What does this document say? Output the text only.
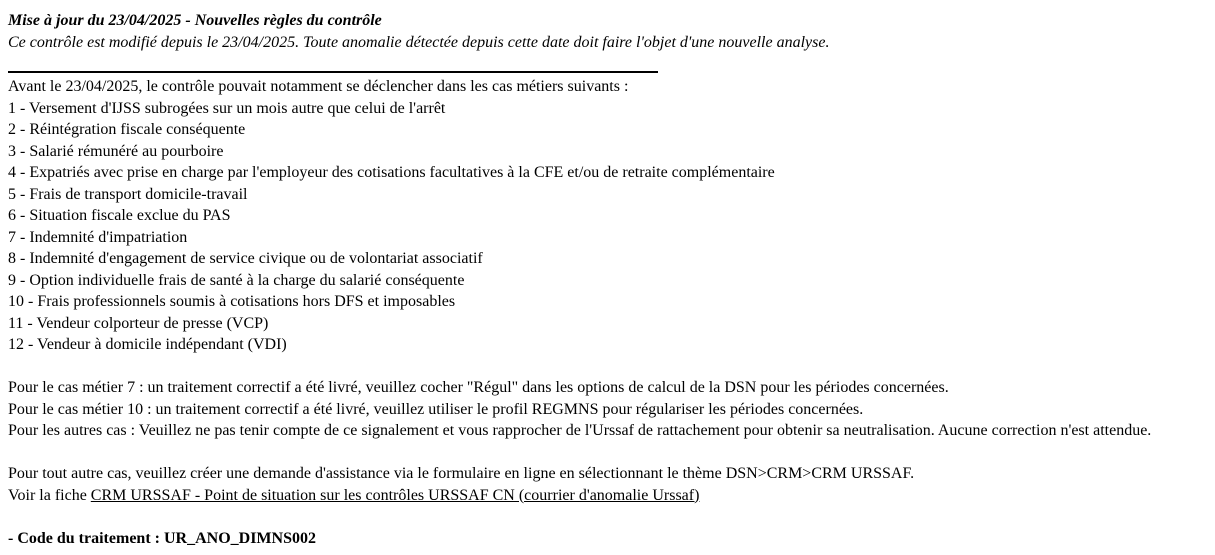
Mise à jour du 23/04/2025 - Nouvelles règles du contrôle
Ce contrôle est modifié depuis le 23/04/2025. Toute anomalie détectée depuis cette date doit faire l'objet d'une nouvelle analyse.
Avant le 23/04/2025, le contrôle pouvait notamment se déclencher dans les cas métiers suivants :
1 - Versement d'IJSS subrogées sur un mois autre que celui de l'arrêt
2 - Réintégration fiscale conséquente
3 - Salarié rémunéré au pourboire
4 - Expatriés avec prise en charge par l'employeur des cotisations facultatives à la CFE et/ou de retraite complémentaire
5 - Frais de transport domicile-travail
6 - Situation fiscale exclue du PAS
7 - Indemnité d'impatriation
8 - Indemnité d'engagement de service civique ou de volontariat associatif
9 - Option individuelle frais de santé à la charge du salarié conséquente
10 - Frais professionnels soumis à cotisations hors DFS et imposables
11 - Vendeur colporteur de presse (VCP)
12 - Vendeur à domicile indépendant (VDI)
Pour le cas métier 7 : un traitement correctif a été livré, veuillez cocher "Régul" dans les options de calcul de la DSN pour les périodes concernées.
Pour le cas métier 10 : un traitement correctif a été livré, veuillez utiliser le profil REGMNS pour régulariser les périodes concernées.
Pour les autres cas : Veuillez ne pas tenir compte de ce signalement et vous rapprocher de l'Urssaf de rattachement pour obtenir sa neutralisation. Aucune correction n'est attendue.
Pour tout autre cas, veuillez créer une demande d'assistance via le formulaire en ligne en sélectionnant le thème DSN>CRM>CRM URSSAF.
Voir la fiche CRM URSSAF - Point de situation sur les contrôles URSSAF CN (courrier d'anomalie Urssaf)
- Code du traitement : UR_ANO_DIMNS002
